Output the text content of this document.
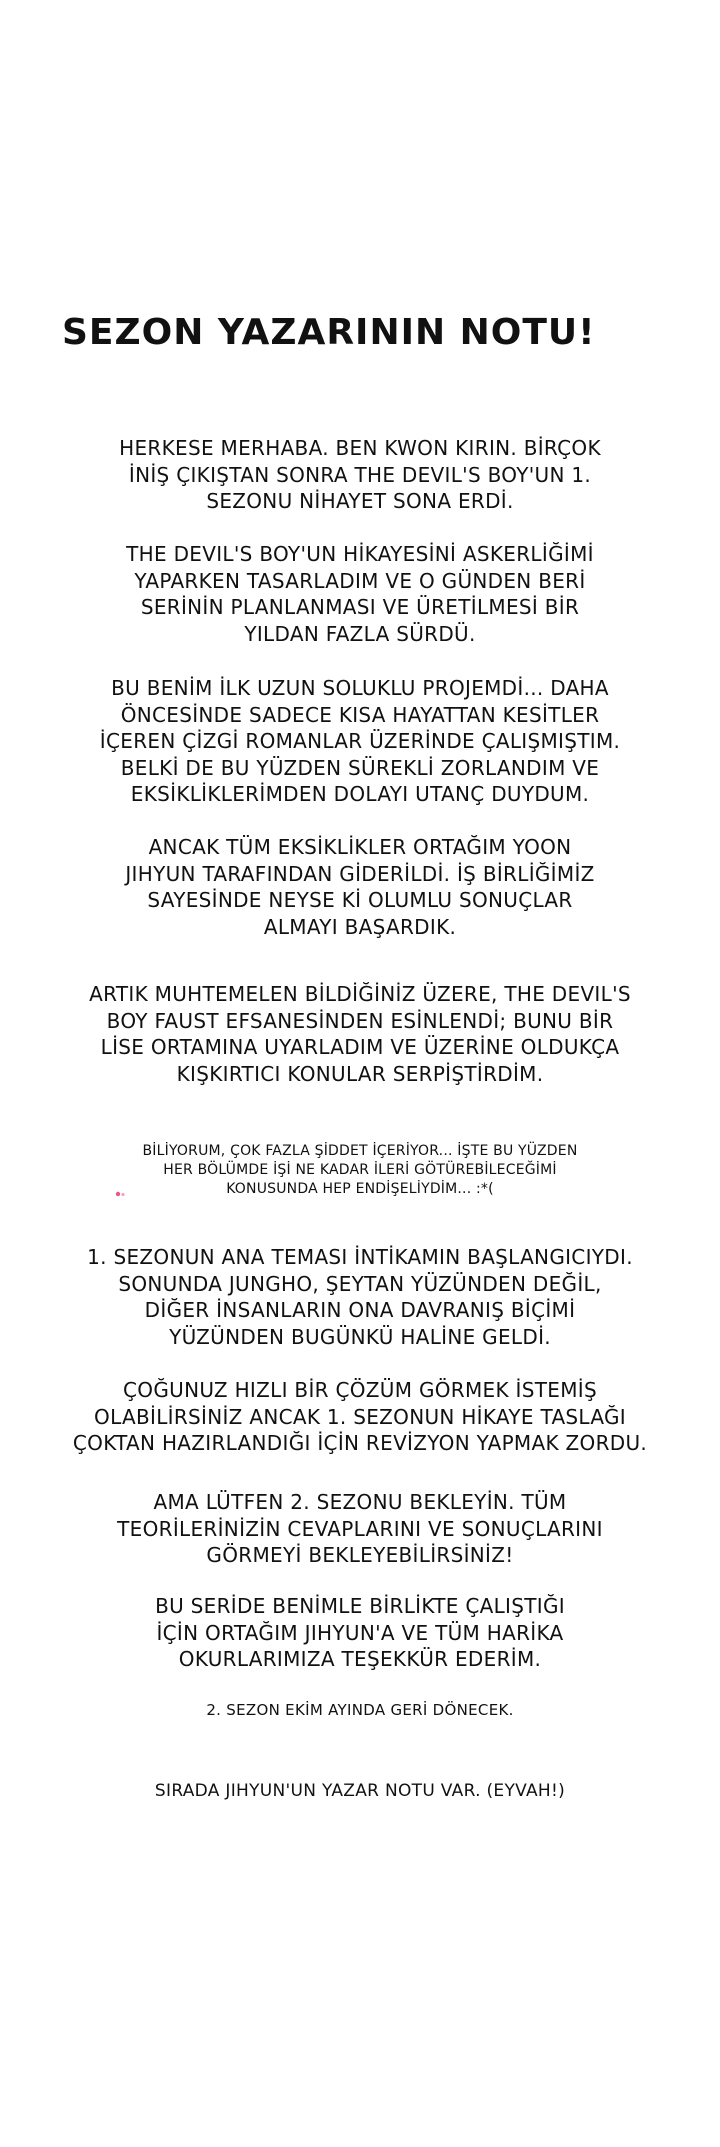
SEZON YAZARININ NOTU!
HERKESE MERHABA. BEN KWON KIRIN. BİRÇOK
İNİŞ ÇIKIŞTAN SONRA THE DEVIL'S BOY'UN 1.
SEZONU NİHAYET SONA ERDİ.
THE DEVIL'S BOY'UN HİKAYESİNİ ASKERLİĞİMİ
YAPARKEN TASARLADIM VE O GÜNDEN BERİ
SERİNİN PLANLANMASI VE ÜRETİLMESİ BİR
YILDAN FAZLA SÜRDÜ.
BU BENİM İLK UZUN SOLUKLU PROJEMDİ... DAHA
ÖNCESİNDE SADECE KISA HAYATTAN KESİTLER
İÇEREN ÇİZGİ ROMANLAR ÜZERİNDE ÇALIŞMIŞTIM.
BELKİ DE BU YÜZDEN SÜREKLİ ZORLANDIM VE
EKSİKLİKLERİMDEN DOLAYI UTANÇ DUYDUM.
ANCAK TÜM EKSİKLİKLER ORTAĞIM YOON
JIHYUN TARAFINDAN GİDERİLDİ. İŞ BİRLİĞİMİZ
SAYESİNDE NEYSE Kİ OLUMLU SONUÇLAR
ALMAYI BAŞARDIK.
ARTIK MUHTEMELEN BİLDİĞİNİZ ÜZERE, THE DEVIL'S
BOY FAUST EFSANESİNDEN ESİNLENDİ; BUNU BİR
LİSE ORTAMINA UYARLADIM VE ÜZERİNE OLDUKÇA
KIŞKIRTICI KONULAR SERPİŞTİRDİM.
BİLİYORUM, ÇOK FAZLA ŞİDDET İÇERİYOR... İŞTE BU YÜZDEN
HER BÖLÜMDE İŞİ NE KADAR İLERİ GÖTÜREBİLECEĞİMİ
KONUSUNDA HEP ENDİŞELİYDİM... :*(
1. SEZONUN ANA TEMASI İNTİKAMIN BAŞLANGICIYDI.
SONUNDA JUNGHO, ŞEYTAN YÜZÜNDEN DEĞİL,
DİĞER İNSANLARIN ONA DAVRANIŞ BİÇİMİ
YÜZÜNDEN BUGÜNKÜ HALİNE GELDİ.
ÇOĞUNUZ HIZLI BİR ÇÖZÜM GÖRMEK İSTEMİŞ
OLABİLİRSİNİZ ANCAK 1. SEZONUN HİKAYE TASLAĞI
ÇOKTAN HAZIRLANDIĞI İÇİN REVİZYON YAPMAK ZORDU.
AMA LÜTFEN 2. SEZONU BEKLEYİN. TÜM
TEORİLERİNİZİN CEVAPLARINI VE SONUÇLARINI
GÖRMEYİ BEKLEYEBİLİRSİNİZ!
BU SERİDE BENİMLE BİRLİKTE ÇALIŞTIĞI
İÇİN ORTAĞIM JIHYUN'A VE TÜM HARİKA
OKURLARIMIZA TEŞEKKÜR EDERİM.
2. SEZON EKİM AYINDA GERİ DÖNECEK.
SIRADA JIHYUN'UN YAZAR NOTU VAR. (EYVAH!)
